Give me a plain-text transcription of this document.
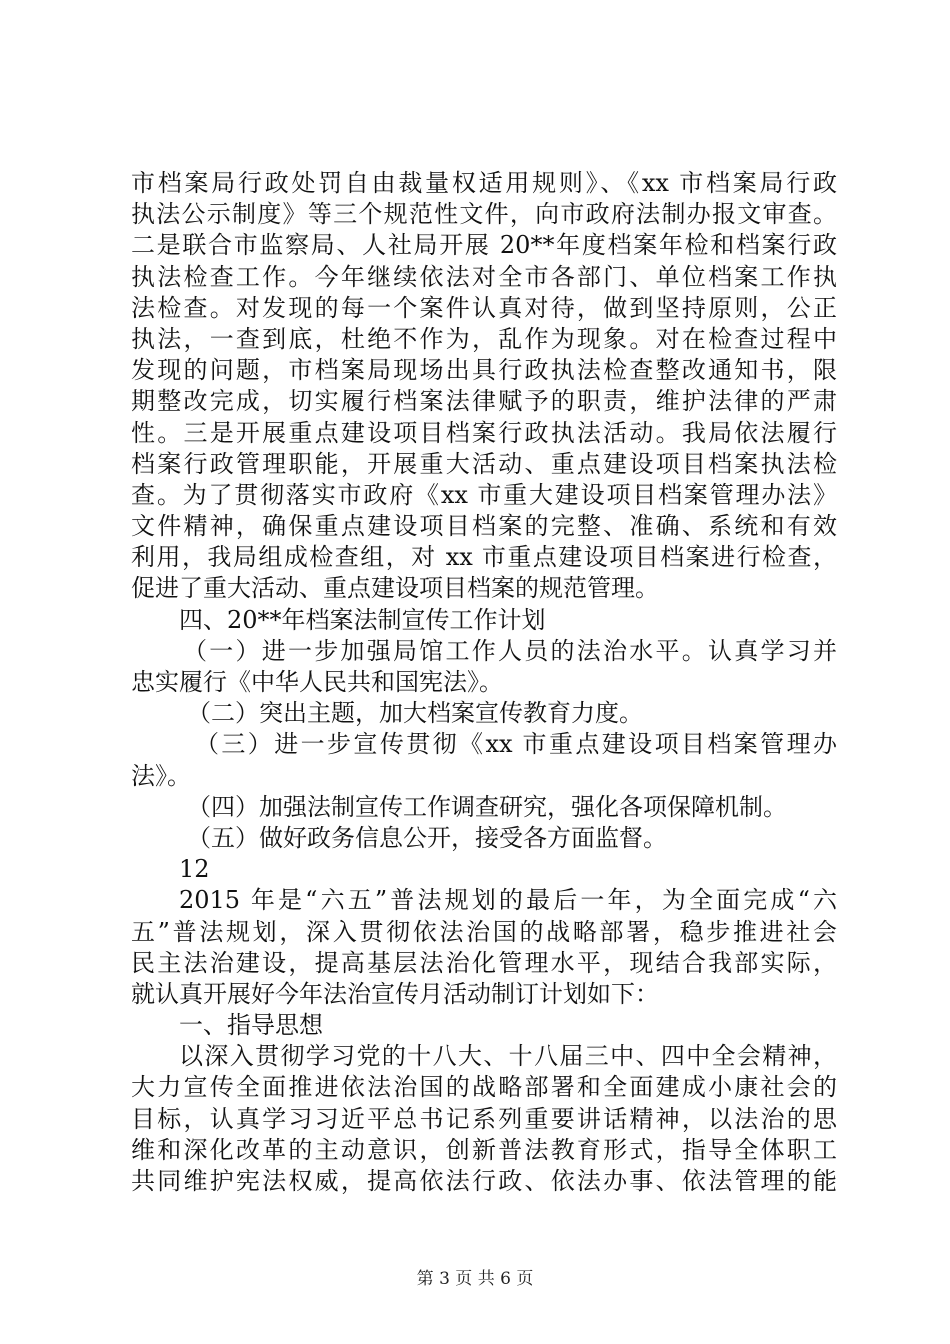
市档案局行政处罚自由裁量权适用规则》、《xx 市档案局行政
执法公示制度》等三个规范性文件，向市政府法制办报文审查。
二是联合市监察局、人社局开展 20**年度档案年检和档案行政
执法检查工作。今年继续依法对全市各部门、单位档案工作执
法检查。对发现的每一个案件认真对待，做到坚持原则，公正
执法，一查到底，杜绝不作为，乱作为现象。对在检查过程中
发现的问题，市档案局现场出具行政执法检查整改通知书，限
期整改完成，切实履行档案法律赋予的职责，维护法律的严肃
性。三是开展重点建设项目档案行政执法活动。我局依法履行
档案行政管理职能，开展重大活动、重点建设项目档案执法检
查。为了贯彻落实市政府《xx 市重大建设项目档案管理办法》
文件精神，确保重点建设项目档案的完整、准确、系统和有效
利用，我局组成检查组，对 xx 市重点建设项目档案进行检查，
促进了重大活动、重点建设项目档案的规范管理。
四、20**年档案法制宣传工作计划
（一）进一步加强局馆工作人员的法治水平。认真学习并
忠实履行《中华人民共和国宪法》。
（二）突出主题，加大档案宣传教育力度。
（三）进一步宣传贯彻《xx 市重点建设项目档案管理办
法》。
（四）加强法制宣传工作调查研究，强化各项保障机制。
（五）做好政务信息公开，接受各方面监督。
12
2015 年是“六五”普法规划的最后一年，为全面完成“六
五”普法规划，深入贯彻依法治国的战略部署，稳步推进社会
民主法治建设，提高基层法治化管理水平，现结合我部实际，
就认真开展好今年法治宣传月活动制订计划如下：
一、指导思想
以深入贯彻学习党的十八大、十八届三中、四中全会精神，
大力宣传全面推进依法治国的战略部署和全面建成小康社会的
目标，认真学习习近平总书记系列重要讲话精神，以法治的思
维和深化改革的主动意识，创新普法教育形式，指导全体职工
共同维护宪法权威，提高依法行政、依法办事、依法管理的能
第 3 页 共 6 页
